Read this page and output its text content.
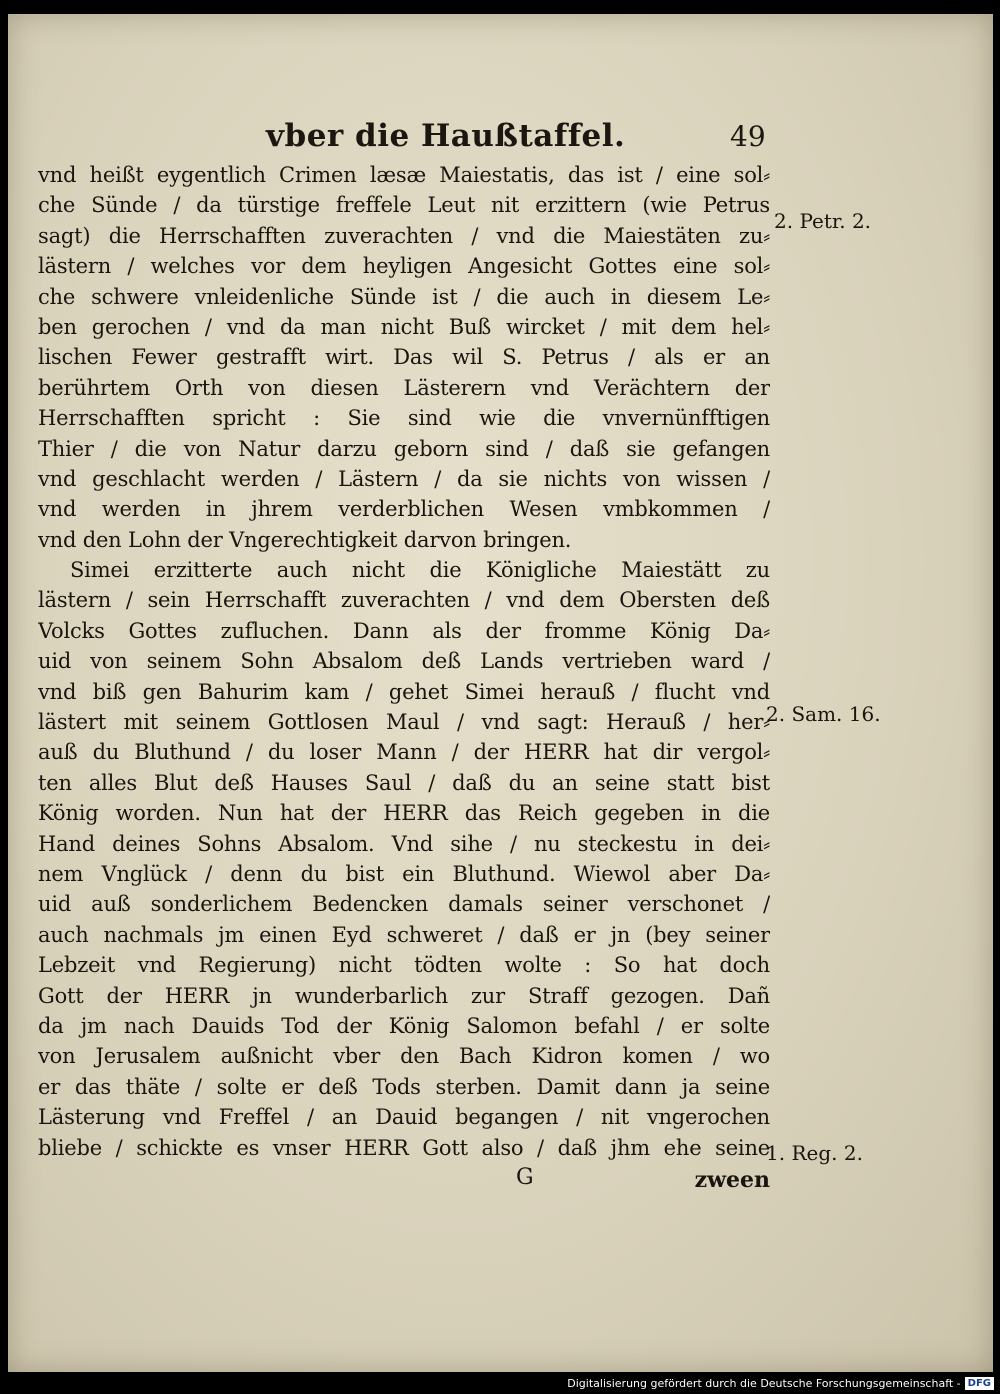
vber die Haußtaffel.	49
vnd heißt eygentlich Crimen læsæ Maiestatis, das ist / eine sol⸗
che Sünde / da türstige freffele Leut nit erzittern (wie Petrus
sagt) die Herrschafften zuverachten / vnd die Maiestäten zu⸗
lästern / welches vor dem heyligen Angesicht Gottes eine sol⸗
che schwere vnleidenliche Sünde ist / die auch in diesem Le⸗
ben gerochen / vnd da man nicht Buß wircket / mit dem hel⸗
lischen Fewer gestrafft wirt. Das wil S. Petrus / als er an
berührtem Orth von diesen Lästerern vnd Verächtern der
Herrschafften spricht : Sie sind wie die vnvernünfftigen
Thier / die von Natur darzu geborn sind / daß sie gefangen
vnd geschlacht werden / Lästern / da sie nichts von wissen /
vnd werden in jhrem verderblichen Wesen vmbkommen /
vnd den Lohn der Vngerechtigkeit darvon bringen.
Simei erzitterte auch nicht die Königliche Maiestätt zu
lästern / sein Herrschafft zuverachten / vnd dem Obersten deß
Volcks Gottes zufluchen. Dann als der fromme König Da⸗
uid von seinem Sohn Absalom deß Lands vertrieben ward /
vnd biß gen Bahurim kam / gehet Simei herauß / flucht vnd
lästert mit seinem Gottlosen Maul / vnd sagt: Herauß / her⸗
auß du Bluthund / du loser Mann / der HERR hat dir vergol⸗
ten alles Blut deß Hauses Saul / daß du an seine statt bist
König worden. Nun hat der HERR das Reich gegeben in die
Hand deines Sohns Absalom. Vnd sihe / nu steckestu in dei⸗
nem Vnglück / denn du bist ein Bluthund. Wiewol aber Da⸗
uid auß sonderlichem Bedencken damals seiner verschonet /
auch nachmals jm einen Eyd schweret / daß er jn (bey seiner
Lebzeit vnd Regierung) nicht tödten wolte : So hat doch
Gott der HERR jn wunderbarlich zur Straff gezogen. Dañ
da jm nach Dauids Tod der König Salomon befahl / er solte
von Jerusalem außnicht vber den Bach Kidron komen / wo
er das thäte / solte er deß Tods sterben. Damit dann ja seine
Lästerung vnd Freffel / an Dauid begangen / nit vngerochen
bliebe / schickte es vnser HERR Gott also / daß jhm ehe seine
G	zween
2. Petr. 2.
2. Sam. 16.
1. Reg. 2.
Digitalisierung gefördert durch die Deutsche Forschungsgemeinschaft - DFG
